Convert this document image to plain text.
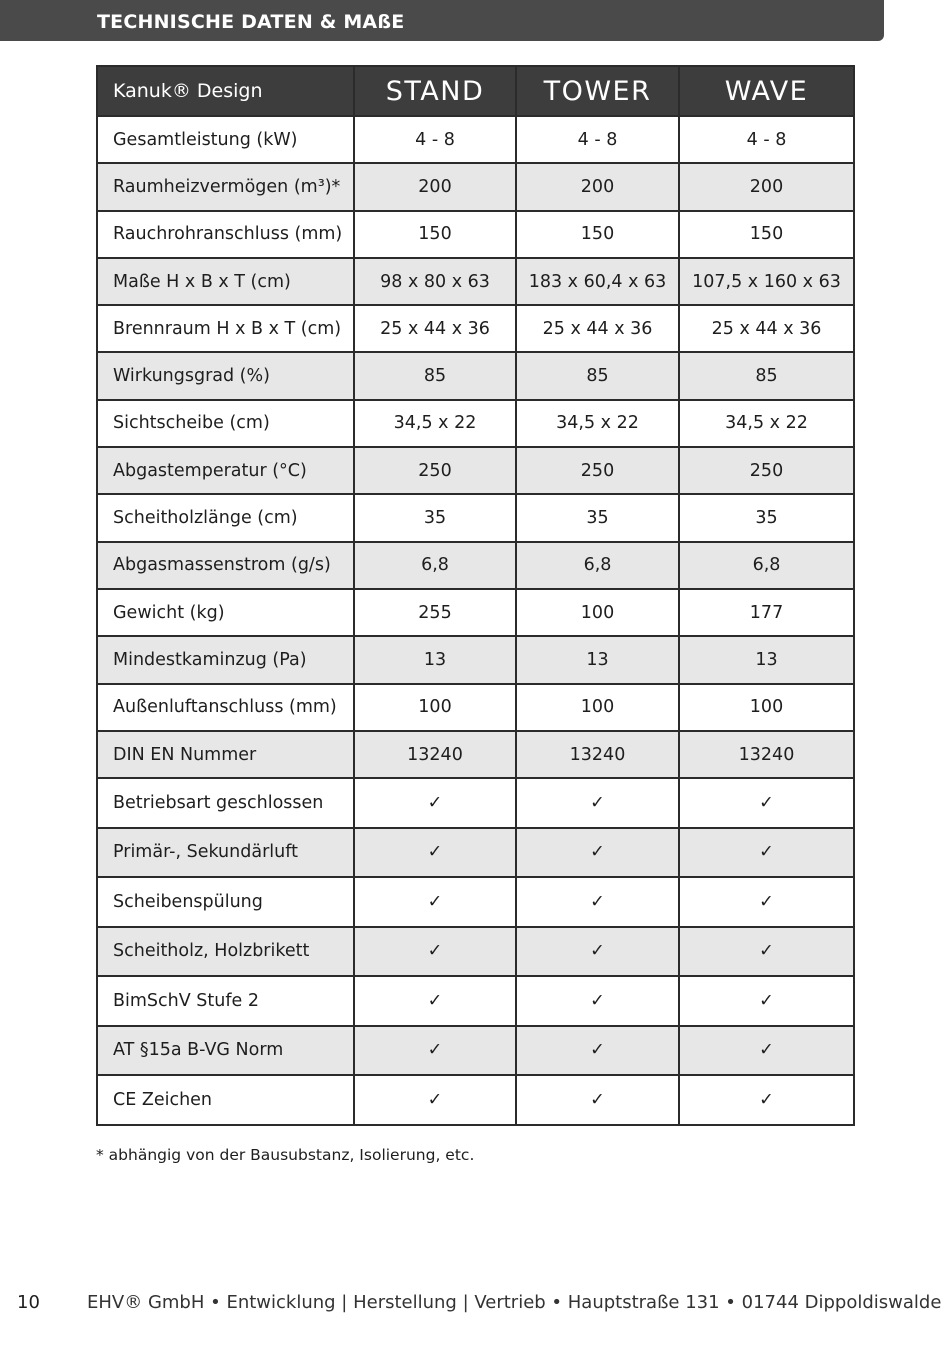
TECHNISCHE DATEN & MAßE
Kanuk® Design	STAND	TOWER	WAVE
Gesamtleistung (kW)	4 - 8	4 - 8	4 - 8
Raumheizvermögen (m³)*	200	200	200
Rauchrohranschluss (mm)	150	150	150
Maße H x B x T (cm)	98 x 80 x 63	183 x 60,4 x 63	107,5 x 160 x 63
Brennraum H x B x T (cm)	25 x 44 x 36	25 x 44 x 36	25 x 44 x 36
Wirkungsgrad (%)	85	85	85
Sichtscheibe (cm)	34,5 x 22	34,5 x 22	34,5 x 22
Abgastemperatur (°C)	250	250	250
Scheitholzlänge (cm)	35	35	35
Abgasmassenstrom (g/s)	6,8	6,8	6,8
Gewicht (kg)	255	100	177
Mindestkaminzug (Pa)	13	13	13
Außenluftanschluss (mm)	100	100	100
DIN EN Nummer	13240	13240	13240
Betriebsart geschlossen	✓	✓	✓
Primär-, Sekundärluft	✓	✓	✓
Scheibenspülung	✓	✓	✓
Scheitholz, Holzbrikett	✓	✓	✓
BimSchV Stufe 2	✓	✓	✓
AT §15a B-VG Norm	✓	✓	✓
CE Zeichen	✓	✓	✓
* abhängig von der Bausubstanz, Isolierung, etc.
10	EHV® GmbH • Entwicklung | Herstellung | Vertrieb • Hauptstraße 131 • 01744 Dippoldiswalde
